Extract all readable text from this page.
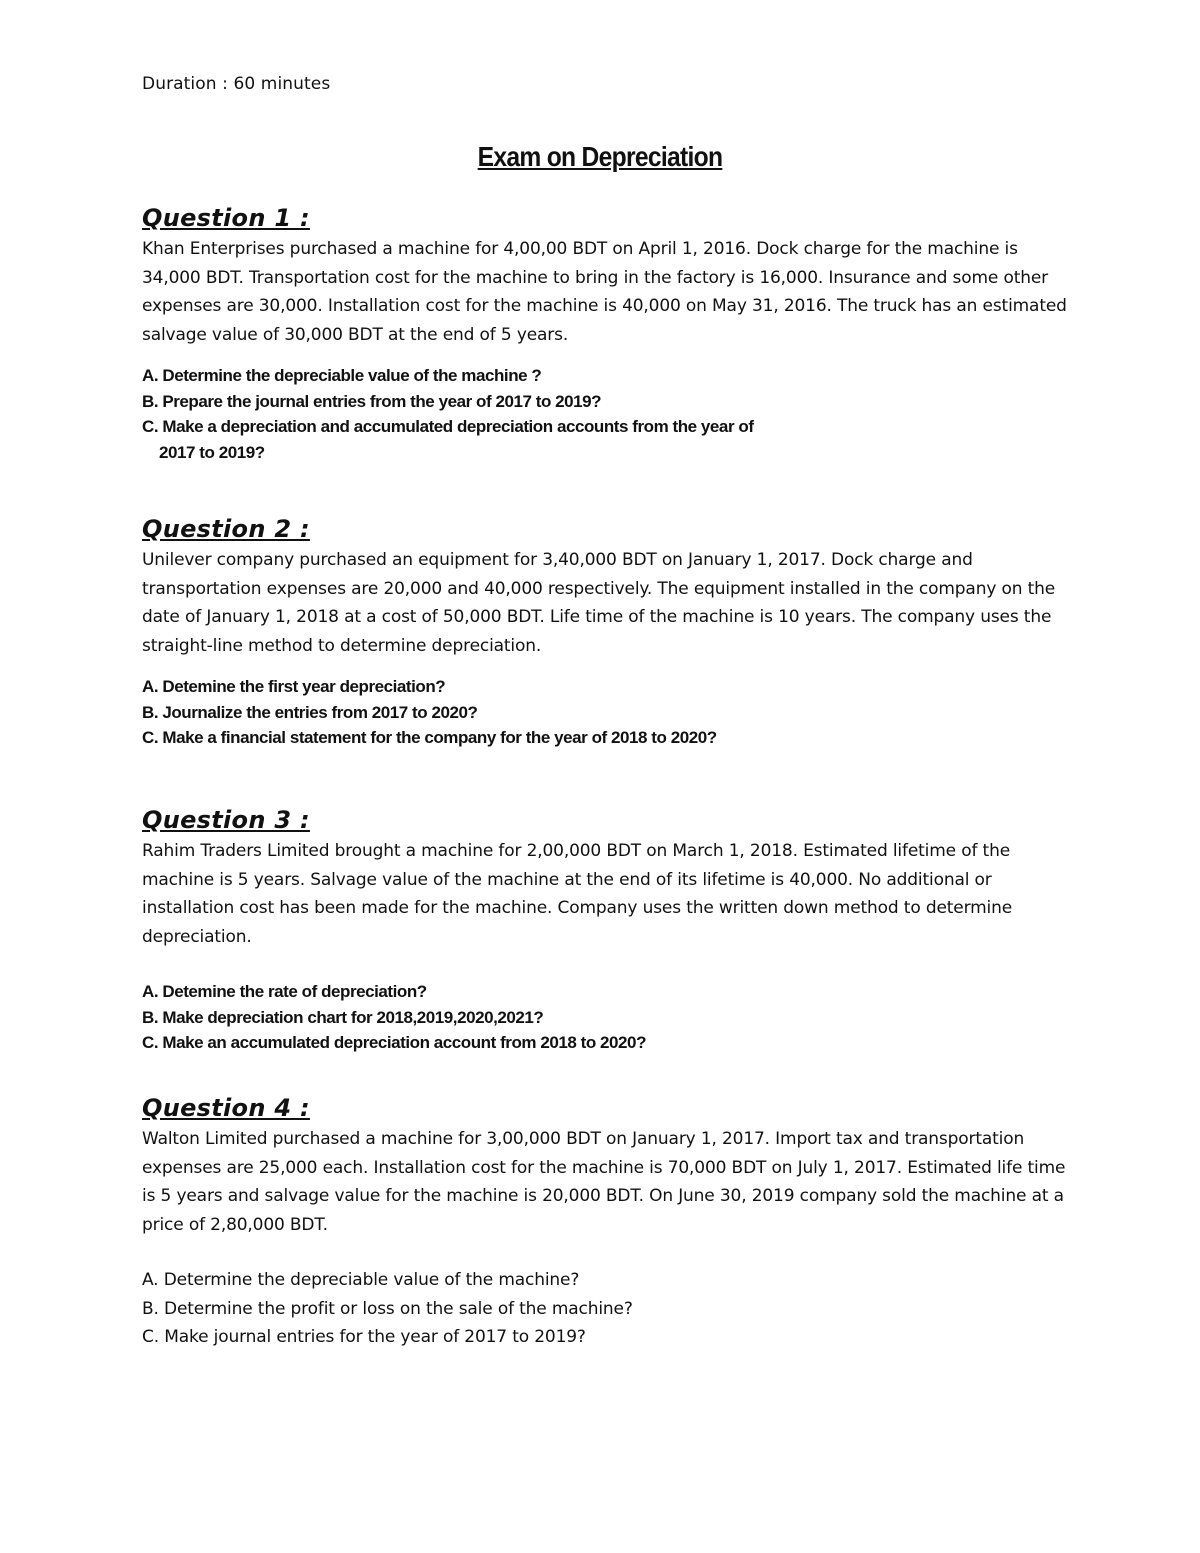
Duration : 60 minutes
Exam on Depreciation
Question 1 :

Khan Enterprises purchased a machine for 4,00,00 BDT on April 1, 2016. Dock charge for the machine is 34,000 BDT. Transportation cost for the machine to bring in the factory is 16,000. Insurance and some other expenses are 30,000. Installation cost for the machine is 40,000 on May 31, 2016. The truck has an estimated salvage value of 30,000 BDT at the end of 5 years.

A. Determine the depreciable value of the machine ?
B. Prepare the journal entries from the year of 2017 to 2019?
C. Make a depreciation and accumulated depreciation accounts from the year of
2017 to 2019?
Question 2 :

Unilever company purchased an equipment for 3,40,000 BDT on January 1, 2017. Dock charge and transportation expenses are 20,000 and 40,000 respectively. The equipment installed in the company on the date of January 1, 2018 at a cost of 50,000 BDT. Life time of the machine is 10 years. The company uses the straight-line method to determine depreciation.

A. Detemine the first year depreciation?
B. Journalize the entries from 2017 to 2020?
C. Make a financial statement for the company for the year of 2018 to 2020?
Question 3 :

Rahim Traders Limited brought a machine for 2,00,000 BDT on March 1, 2018. Estimated lifetime of the machine is 5 years. Salvage value of the machine at the end of its lifetime is 40,000. No additional or installation cost has been made for the machine. Company uses the written down method to determine depreciation.

A. Detemine the rate of depreciation?
B. Make depreciation chart for 2018,2019,2020,2021?
C. Make an accumulated depreciation account from 2018 to 2020?
Question 4 :

Walton Limited purchased a machine for 3,00,000 BDT on January 1, 2017. Import tax and transportation expenses are 25,000 each. Installation cost for the machine is 70,000 BDT on July 1, 2017. Estimated life time is 5 years and salvage value for the machine is 20,000 BDT. On June 30, 2019 company sold the machine at a price of 2,80,000 BDT.

A. Determine the depreciable value of the machine?
B. Determine the profit or loss on the sale of the machine?
C. Make journal entries for the year of 2017 to 2019?
